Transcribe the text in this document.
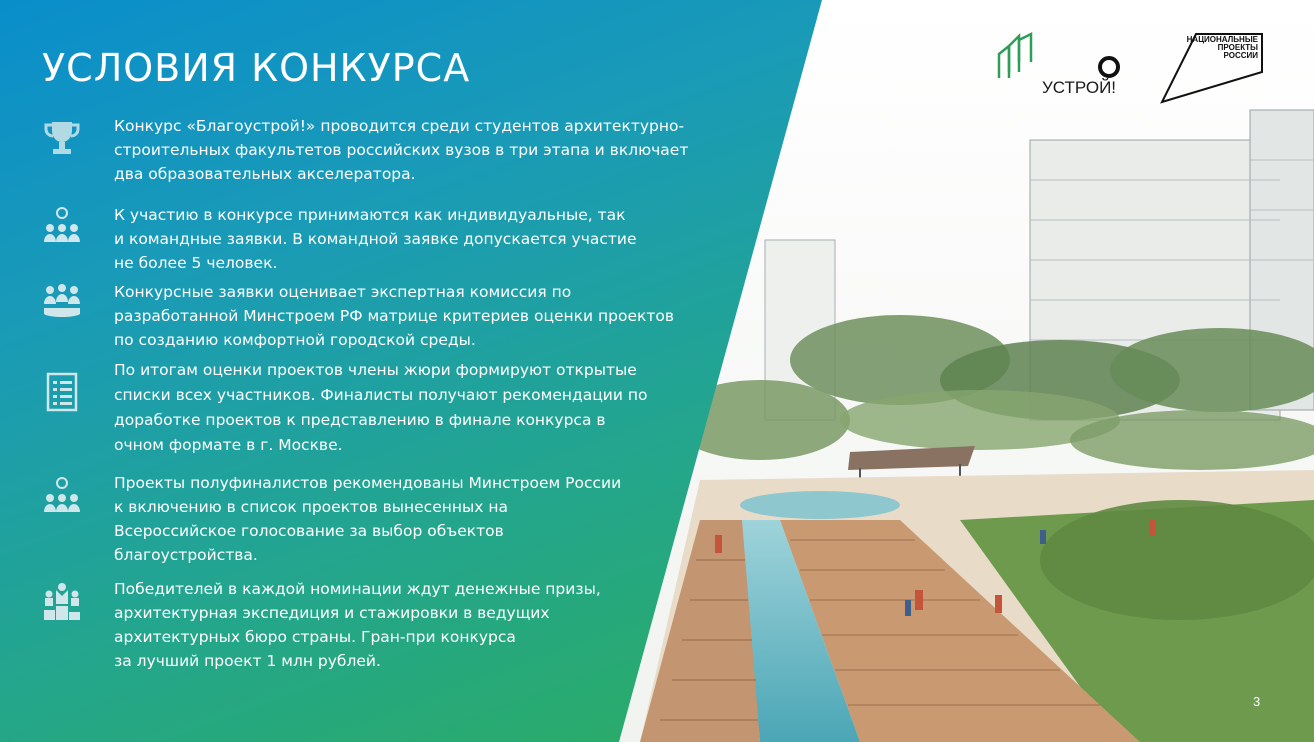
УСЛОВИЯ КОНКУРСА

Конкурс «Благоустрой!» проводится среди студентов архитектурно-
строительных факультетов российских вузов в три этапа и включает
два образовательных акселератора.

К участию в конкурсе принимаются как индивидуальные, так
и командные заявки. В командной заявке допускается участие
не более 5 человек.

Конкурсные заявки оценивает экспертная комиссия по
разработанной Минстроем РФ матрице критериев оценки проектов
по созданию комфортной городской среды.

По итогам оценки проектов члены жюри формируют открытые
списки всех участников. Финалисты получают рекомендации по
доработке проектов к представлению в финале конкурса в
очном формате в г. Москве.

Проекты полуфиналистов рекомендованы Минстроем России
к включению в список проектов вынесенных на
Всероссийское голосование за выбор объектов
благоустройства.

Победителей в каждой номинации ждут денежные призы,
архитектурная экспедиция и стажировки в ведущих
архитектурных бюро страны. Гран-при конкурса
за лучший проект 1 млн рублей.

УСТРОЙ!
НАЦИОНАЛЬНЫЕ
ПРОЕКТЫ
РОССИИ
3
